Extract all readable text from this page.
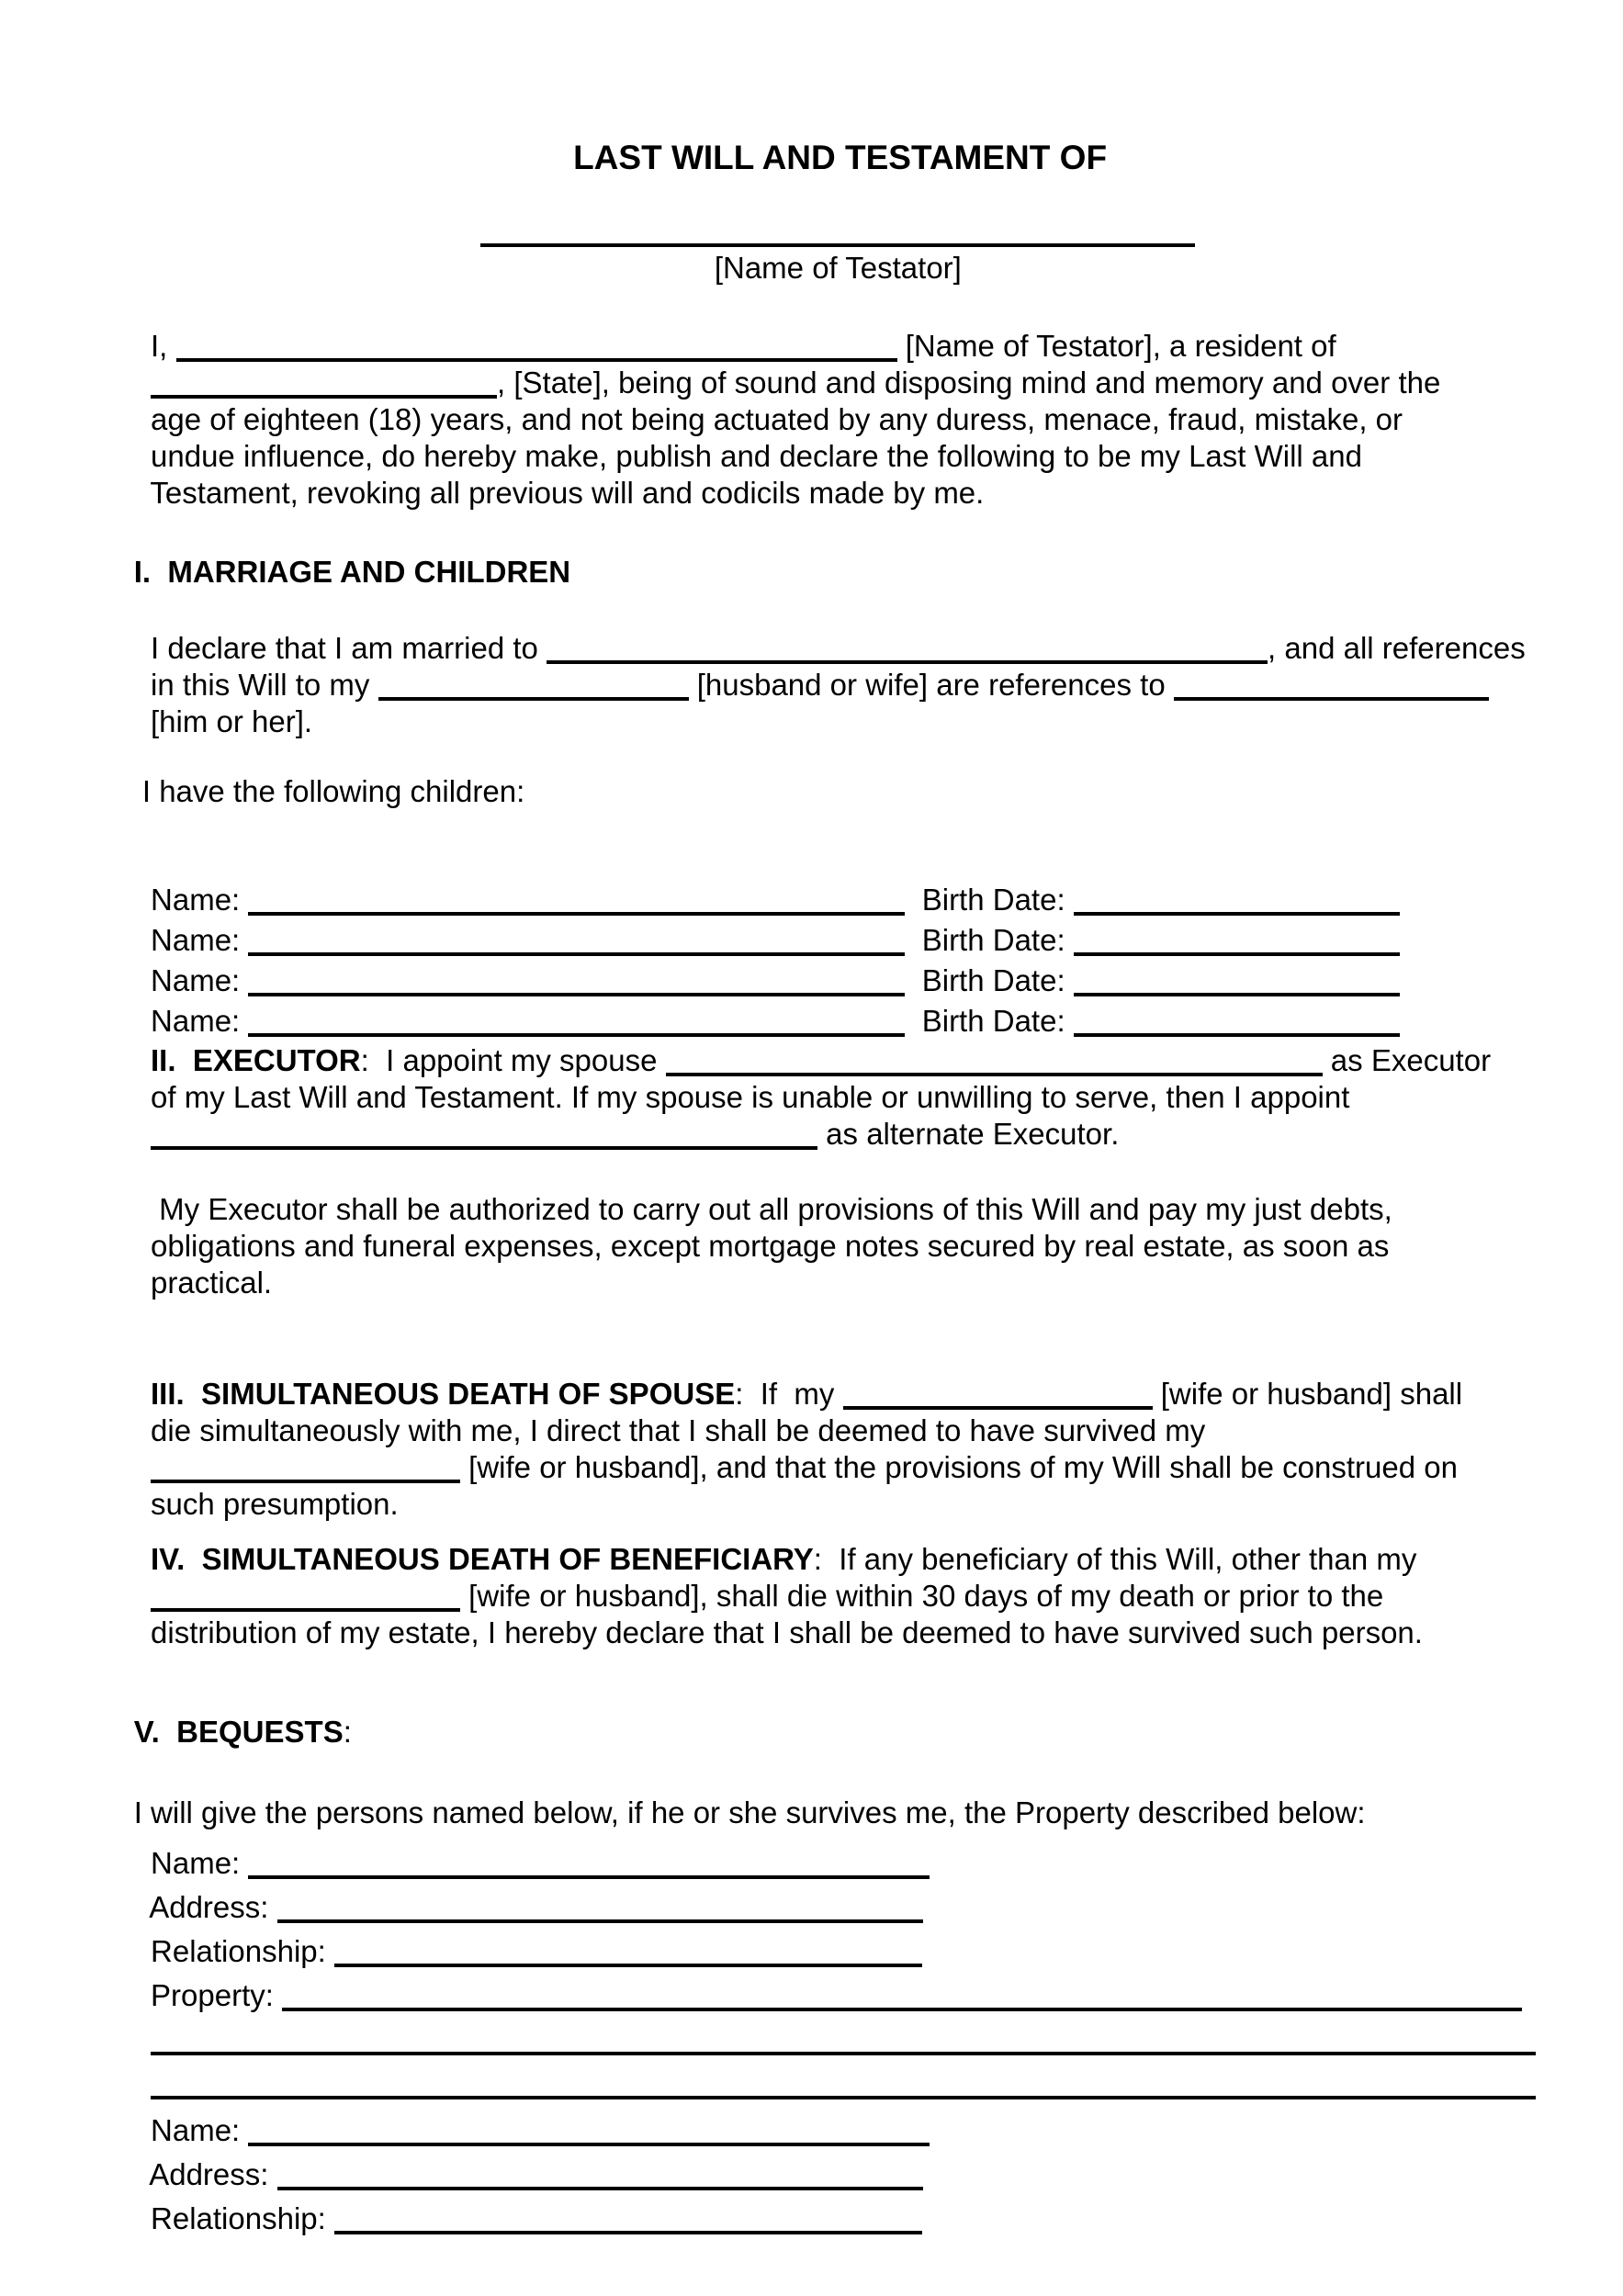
LAST WILL AND TESTAMENT OF

[Name of Testator]

I,	[Name of Testator], a resident of

, [State], being of sound and disposing mind and memory and over the

age of eighteen (18) years, and not being actuated by any duress, menace, fraud, mistake, or

undue influence, do hereby make, publish and declare the following to be my Last Will and

Testament, revoking all previous will and codicils made by me.

I.  MARRIAGE AND CHILDREN

I declare that I am married to	, and all references

in this Will to my	[husband or wife] are references to

[him or her].

I have the following children:

Name:	Birth Date:

Name:	Birth Date:

Name:	Birth Date:

Name:	Birth Date:

II.  EXECUTOR:  I appoint my spouse	as Executor

of my Last Will and Testament. If my spouse is unable or unwilling to serve, then I appoint

as alternate Executor.

My Executor shall be authorized to carry out all provisions of this Will and pay my just debts,

obligations and funeral expenses, except mortgage notes secured by real estate, as soon as

practical.

III.  SIMULTANEOUS DEATH OF SPOUSE:  If  my	[wife or husband] shall

die simultaneously with me, I direct that I shall be deemed to have survived my

[wife or husband], and that the provisions of my Will shall be construed on

such presumption.

IV.  SIMULTANEOUS DEATH OF BENEFICIARY:  If any beneficiary of this Will, other than my

[wife or husband], shall die within 30 days of my death or prior to the

distribution of my estate, I hereby declare that I shall be deemed to have survived such person.

V.  BEQUESTS:

I will give the persons named below, if he or she survives me, the Property described below:

Name:

Address:

Relationship:

Property:

Name:

Address:

Relationship:
